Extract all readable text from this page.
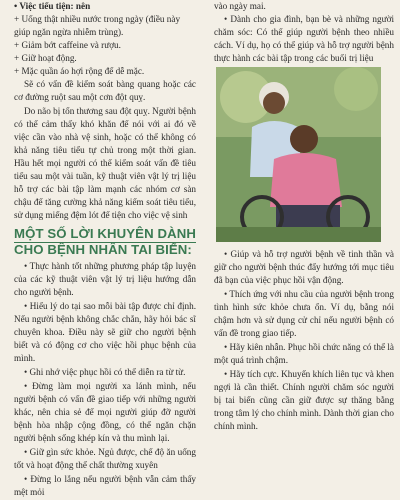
• Việc tiểu tiện: nên
+ Uống thật nhiều nước trong ngày (điều này
giúp ngăn ngừa nhiễm trùng).
+ Giảm bớt caffeine và rượu.
+ Giữ hoạt động.
+ Mặc quần áo hợi rộng để dễ mặc.

Sẽ có vấn đề kiểm soát bàng quang hoặc các cơ đường ruột sau một cơn đột quỵ.

Do não bị tổn thương sau đột quỵ. Người bệnh có thể cảm thấy khó khăn để nói với ai đó về việc cần vào nhà vệ sinh, hoặc có thể không có khả năng tiêu tiểu tự chủ trong một thời gian. Hầu hết mọi người có thể kiểm soát vấn đề tiêu tiểu sau một vài tuần, kỹ thuật viên vật lý trị liệu hỗ trợ các bài tập làm mạnh các nhóm cơ sàn chậu để tăng cường khả năng kiểm soát tiêu tiểu, sử dụng miếng đệm lót để tiện cho việc vệ sinh

MỘT SỐ LỜI KHUYÊN DÀNH
CHO BỆNH NHÂN TAI BIẾN:

• Thực hành tốt những phương pháp tập luyện của các kỹ thuật viên vật lý trị liệu hướng dẫn cho người bệnh.

• Hiểu lý do tại sao mỗi bài tập được chỉ định. Nếu người bệnh không chắc chắn, hãy hỏi bác sĩ chuyên khoa. Điều này sẽ giữ cho người bệnh biết và có động cơ cho việc hồi phục bệnh của mình.

• Ghi nhớ việc phục hồi có thể diễn ra từ từ.

• Đừng làm mọi người xa lánh mình, nếu người bệnh có vấn đề giao tiếp với những người khác, nên chia sẻ để mọi người giúp đỡ người bệnh hòa nhập cộng đồng, có thể ngăn chặn người bệnh sống khép kín và thu mình lại.

• Giữ gìn sức khỏe. Ngủ được, chế độ ăn uống tốt và hoạt động thể chất thường xuyên

• Đừng lo lắng nếu người bệnh vẫn cảm thấy mệt mỏi

vào ngày mai.

• Dành cho gia đình, bạn bè và những người chăm sóc: Có thể giúp người bệnh theo nhiều cách. Ví dụ, họ có thể giúp và hỗ trợ người bệnh thực hành các bài tập trong các buổi trị liệu

• Giúp và hỗ trợ người bệnh về tinh thần và giữ cho người bệnh thúc đẩy hướng tới mục tiêu đã bạn của việc phục hồi vận động.

• Thích ứng với nhu cầu của người bệnh trong tình hình sức khỏe chưa ổn. Ví dụ, bằng nói chậm hơn và sử dụng cử chỉ nếu người bệnh có vấn đề trong giao tiếp.

• Hãy kiên nhẫn. Phục hồi chức năng có thể là một quá trình chậm.

• Hãy tích cực. Khuyến khích liên tục và khen ngợi là cần thiết. Chính người chăm sóc người bị tai biến cũng cần giữ được sự thăng bằng trong tâm lý cho chính mình. Dành thời gian cho chính mình.
